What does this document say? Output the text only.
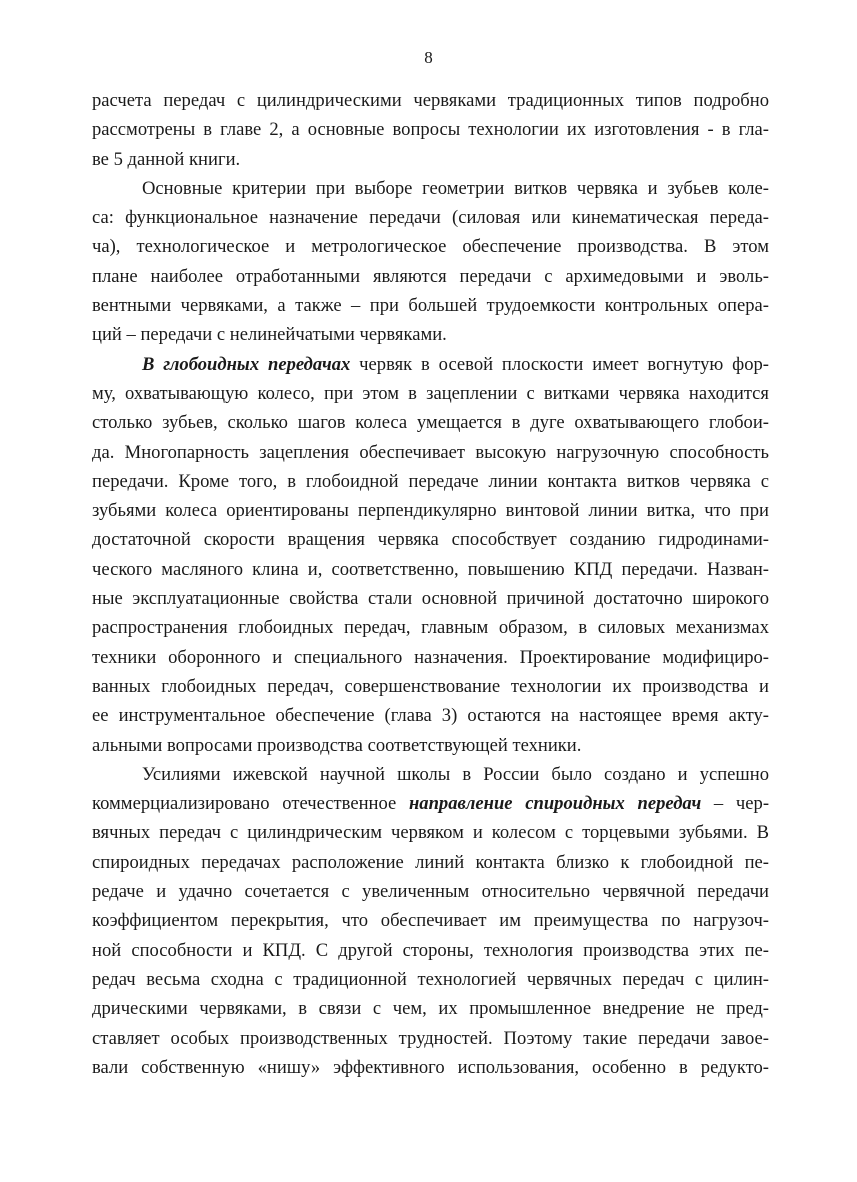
8
расчета передач с цилиндрическими червяками традиционных типов подробно
рассмотрены в главе 2, а основные вопросы технологии их изготовления - в гла-
ве 5 данной книги.
Основные критерии при выборе геометрии витков червяка и зубьев коле-
са: функциональное назначение передачи (силовая или кинематическая переда-
ча), технологическое и метрологическое обеспечение производства. В этом
плане наиболее отработанными являются передачи с архимедовыми и эволь-
вентными червяками, а также – при большей трудоемкости контрольных опера-
ций – передачи с нелинейчатыми червяками.
В глобоидных передачах червяк в осевой плоскости имеет вогнутую фор-
му, охватывающую колесо, при этом в зацеплении с витками червяка находится
столько зубьев, сколько шагов колеса умещается в дуге охватывающего глобои-
да. Многопарность зацепления обеспечивает высокую нагрузочную способность
передачи. Кроме того, в глобоидной передаче линии контакта витков червяка с
зубьями колеса ориентированы перпендикулярно винтовой линии витка, что при
достаточной скорости вращения червяка способствует созданию гидродинами-
ческого масляного клина и, соответственно, повышению КПД передачи. Назван-
ные эксплуатационные свойства стали основной причиной достаточно широкого
распространения глобоидных передач, главным образом, в силовых механизмах
техники оборонного и специального назначения. Проектирование модифициро-
ванных глобоидных передач, совершенствование технологии их производства и
ее инструментальное обеспечение (глава 3) остаются на настоящее время акту-
альными вопросами производства соответствующей техники.
Усилиями ижевской научной школы в России было создано и успешно
коммерциализировано отечественное направление спироидных передач – чер-
вячных передач с цилиндрическим червяком и колесом с торцевыми зубьями. В
спироидных передачах расположение линий контакта близко к глобоидной пе-
редаче и удачно сочетается с увеличенным относительно червячной передачи
коэффициентом перекрытия, что обеспечивает им преимущества по нагрузоч-
ной способности и КПД. С другой стороны, технология производства этих пе-
редач весьма сходна с традиционной технологией червячных передач с цилин-
дрическими червяками, в связи с чем, их промышленное внедрение не пред-
ставляет особых производственных трудностей. Поэтому такие передачи завое-
вали собственную «нишу» эффективного использования, особенно в редукто-
